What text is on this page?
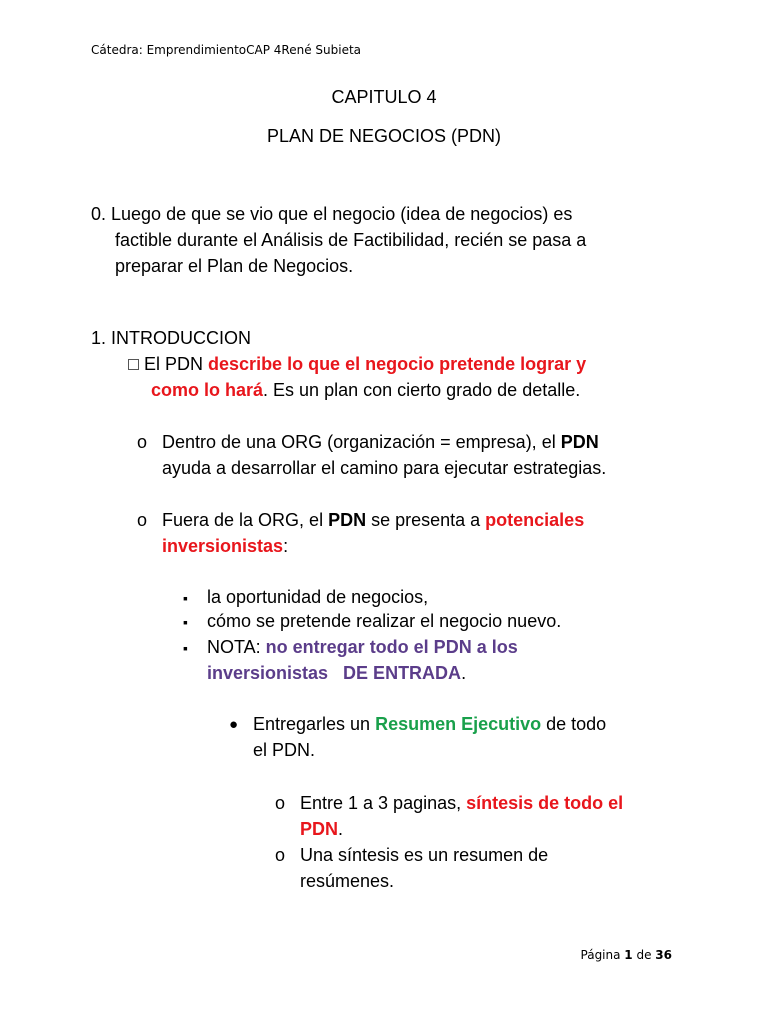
Cátedra: EmprendimientoCAP 4René Subieta
CAPITULO 4
PLAN DE NEGOCIOS (PDN)
0. Luego de que se vio que el negocio (idea de negocios) es
factible durante el Análisis de Factibilidad, recién se pasa a
preparar el Plan de Negocios.
1. INTRODUCCION
El PDN describe lo que el negocio pretende lograr y
como lo hará. Es un plan con cierto grado de detalle.
o Dentro de una ORG (organización = empresa), el PDN
ayuda a desarrollar el camino para ejecutar estrategias.
o Fuera de la ORG, el PDN se presenta a potenciales
inversionistas:
▪ la oportunidad de negocios,
▪ cómo se pretende realizar el negocio nuevo.
▪ NOTA: no entregar todo el PDN a los
inversionistas   DE ENTRADA.
● Entregarles un Resumen Ejecutivo de todo
el PDN.
o Entre 1 a 3 paginas, síntesis de todo el
PDN.
o Una síntesis es un resumen de
resúmenes.
Página 1 de 36
